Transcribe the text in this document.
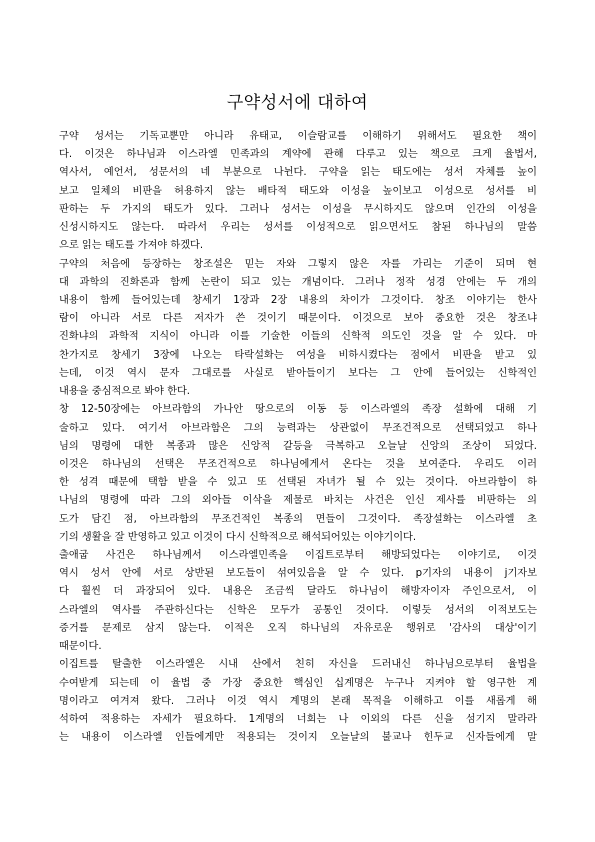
구약성서에 대하여
구약 성서는 기독교뿐만 아니라 유태교, 이슬람교를 이해하기 위해서도 필요한 책이
다. 이것은 하나님과 이스라엘 민족과의 계약에 관해 다루고 있는 책으로 크게 율법서,
역사서, 예언서, 성문서의 네 부분으로 나뉜다. 구약을 읽는 태도에는 성서 자체를 높이
보고 일체의 비판을 허용하지 않는 배타적 태도와 이성을 높이보고 이성으로 성서를 비
판하는 두 가지의 태도가 있다. 그러나 성서는 이성을 무시하지도 않으며 인간의 이성을
신성시하지도 않는다. 따라서 우리는 성서를 이성적으로 읽으면서도 참된 하나님의 말씀
으로 읽는 태도를 가져야 하겠다.
구약의 처음에 등장하는 창조설은 믿는 자와 그렇지 않은 자를 가리는 기준이 되며 현
대 과학의 진화론과 함께 논란이 되고 있는 개념이다. 그러나 정작 성경 안에는 두 개의
내용이 함께 들어있는데 창세기 1장과 2장 내용의 차이가 그것이다. 창조 이야기는 한사
람이 아니라 서로 다른 저자가 쓴 것이기 때문이다. 이것으로 보아 중요한 것은 창조냐
진화냐의 과학적 지식이 아니라 이를 기술한 이들의 신학적 의도인 것을 알 수 있다. 마
찬가지로 창세기 3장에 나오는 타락설화는 여성을 비하시켰다는 점에서 비판을 받고 있
는데, 이것 역시 문자 그대로를 사실로 받아들이기 보다는 그 안에 들어있는 신학적인
내용을 중심적으로 봐야 한다.
창 12-50장에는 아브라함의 가나안 땅으로의 이동 등 이스라엘의 족장 설화에 대해 기
술하고 있다. 여기서 아브라함은 그의 능력과는 상관없이 무조건적으로 선택되었고 하나
님의 명령에 대한 복종과 많은 신앙적 갈등을 극복하고 오늘날 신앙의 조상이 되었다.
이것은 하나님의 선택은 무조건적으로 하나님에게서 온다는 것을 보여준다. 우리도 이러
한 성격 때문에 택함 받을 수 있고 또 선택된 자녀가 될 수 있는 것이다. 아브라함이 하
나님의 명령에 따라 그의 외아들 이삭을 제물로 바치는 사건은 인신 제사를 비판하는 의
도가 담긴 점, 아브라함의 무조건적인 복종의 면들이 그것이다. 족장설화는 이스라엘 초
기의 생활을 잘 반영하고 있고 이것이 다시 신학적으로 해석되어있는 이야기이다.
출애굽 사건은 하나님께서 이스라엘민족을 이집트로부터 해방되었다는 이야기로, 이것
역시 성서 안에 서로 상반된 보도들이 섞여있음을 알 수 있다. p기자의 내용이 j기자보
다 훨씬 더 과장되어 있다. 내용은 조금씩 달라도 하나님이 해방자이자 주인으로서, 이
스라엘의 역사를 주관하신다는 신학은 모두가 공통인 것이다. 이렇듯 성서의 이적보도는
증거를 문제로 삼지 않는다. 이적은 오직 하나님의 자유로운 행위로 '감사의 대상'이기
때문이다.
이집트를 탈출한 이스라엘은 시내 산에서 친히 자신을 드러내신 하나님으로부터 율법을
수여받게 되는데 이 율법 중 가장 중요한 핵심인 십계명은 누구나 지켜야 할 영구한 계
명이라고 여겨져 왔다. 그러나 이것 역시 계명의 본래 목적을 이해하고 이를 새롭게 해
석하여 적용하는 자세가 필요하다. 1계명의 너희는 나 이외의 다른 신을 섬기지 말라라
는 내용이 이스라엘 인들에게만 적용되는 것이지 오늘날의 불교나 힌두교 신자들에게 말
